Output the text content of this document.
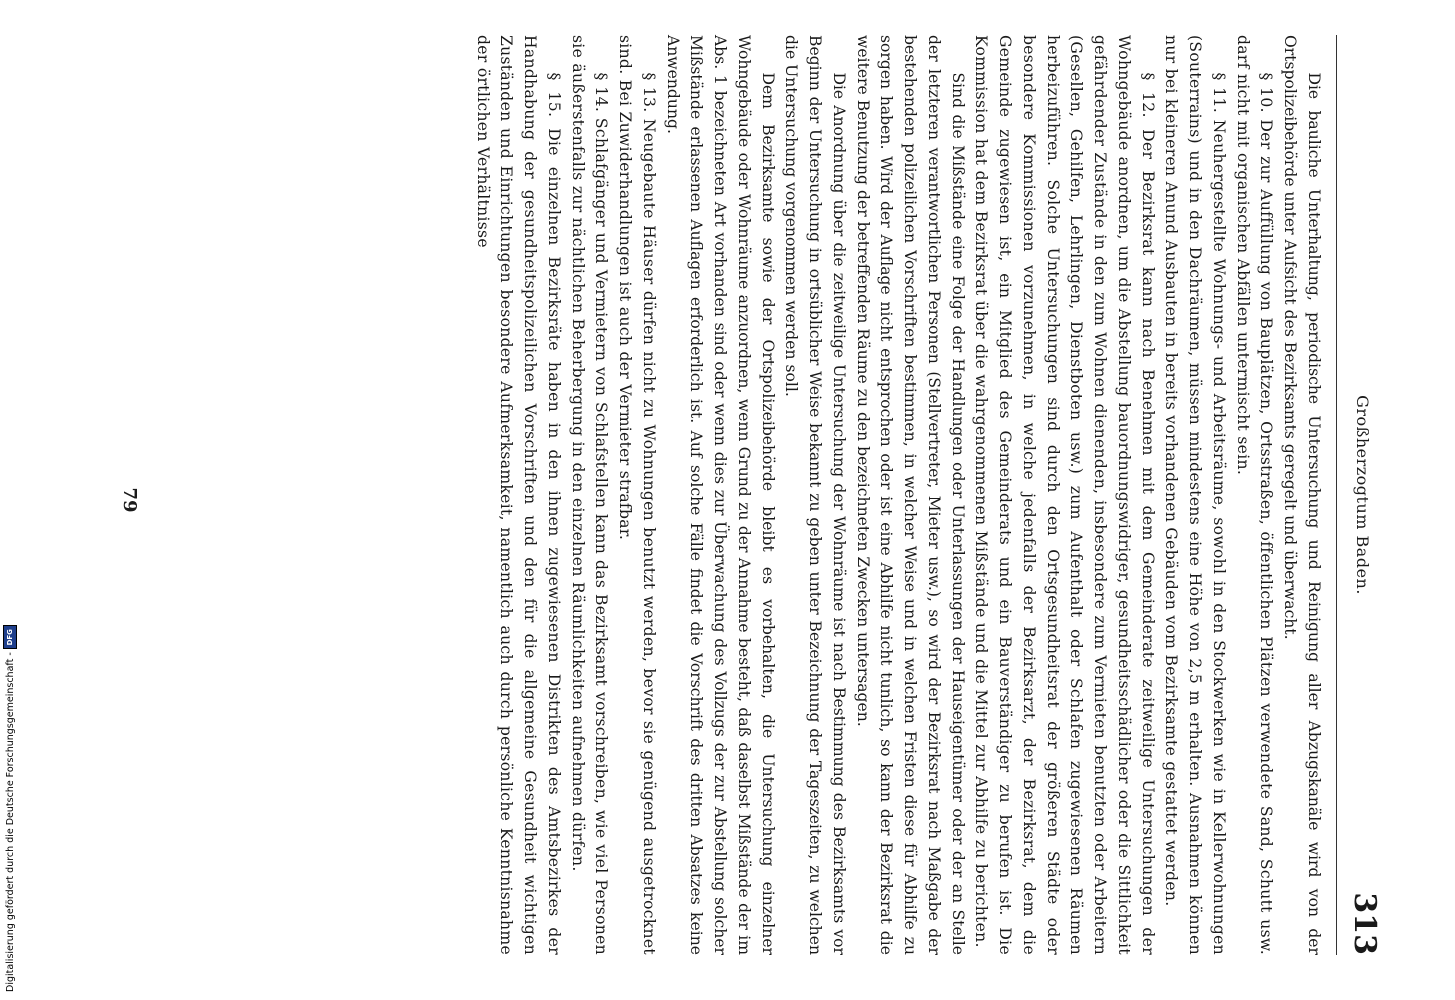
Großherzogtum Baden.
313

Die bauliche Unterhaltung, periodische Untersuchung und Reinigung aller Abzugskanäle wird von der Ortspolizeibehörde unter Aufsicht des Bezirksamts geregelt und überwacht.

§ 10. Der zur Auffüllung von Bauplätzen, Ortsstraßen, öffentlichen Plätzen verwendete Sand, Schutt usw. darf nicht mit organischen Abfällen untermischt sein.

§ 11. Neuhergestellte Wohnungs- und Arbeitsräume, sowohl in den Stockwerken wie in Kellerwohnungen (Souterrains) und in den Dachräumen, müssen mindestens eine Höhe von 2,5 m erhalten. Ausnahmen können nur bei kleineren Anund Ausbauten in bereits vorhandenen Gebäuden vom Bezirksamte gestattet werden.

§ 12. Der Bezirksrat kann nach Benehmen mit dem Gemeinderate zeitweilige Untersuchungen der Wohngebäude anordnen, um die Abstellung bauordnungswidriger, gesundheitsschädlicher oder die Sittlichkeit gefährdender Zustände in den zum Wohnen dienenden, insbesondere zum Vermieten benutzten oder Arbeitern (Gesellen, Gehilfen, Lehrlingen, Dienstboten usw.) zum Aufenthalt oder Schlafen zugewiesenen Räumen herbeizuführen. Solche Untersuchungen sind durch den Ortsgesundheitsrat der größeren Städte oder besondere Kommissionen vorzunehmen, in welche jedenfalls der Bezirksarzt, der Bezirksrat, dem die Gemeinde zugewiesen ist, ein Mitglied des Gemeinderats und ein Bauverständiger zu berufen ist. Die Kommission hat dem Bezirksrat über die wahrgenommenen Mißstände und die Mittel zur Abhilfe zu berichten.

Sind die Mißstände eine Folge der Handlungen oder Unterlassungen der Hauseigentümer oder der an Stelle der letzteren verantwortlichen Personen (Stellvertreter, Mieter usw.), so wird der Bezirksrat nach Maßgabe der bestehenden polizeilichen Vorschriften bestimmen, in welcher Weise und in welchen Fristen diese für Abhilfe zu sorgen haben. Wird der Auflage nicht entsprochen oder ist eine Abhilfe nicht tunlich, so kann der Bezirksrat die weitere Benutzung der betreffenden Räume zu den bezeichneten Zwecken untersagen.

Die Anordnung über die zeitweilige Untersuchung der Wohnräume ist nach Bestimmung des Bezirksamts vor Beginn der Untersuchung in ortsüblicher Weise bekannt zu geben unter Bezeichnung der Tageszeiten, zu welchen die Untersuchung vorgenommen werden soll.

Dem Bezirksamte sowie der Ortspolizeibehörde bleibt es vorbehalten, die Untersuchung einzelner Wohngebäude oder Wohnräume anzuordnen, wenn Grund zu der Annahme besteht, daß daselbst Mißstände der im Abs. 1 bezeichneten Art vorhanden sind oder wenn dies zur Überwachung des Vollzugs der zur Abstellung solcher Mißstände erlassenen Auflagen erforderlich ist. Auf solche Fälle findet die Vorschrift des dritten Absatzes keine Anwendung.

§ 13. Neugebaute Häuser dürfen nicht zu Wohnungen benutzt werden, bevor sie genügend ausgetrocknet sind. Bei Zuwiderhandlungen ist auch der Vermieter strafbar.

§ 14. Schlafgänger und Vermietern von Schlafstellen kann das Bezirksamt vorschreiben, wie viel Personen sie äußerstenfalls zur nächtlichen Beherbergung in den einzelnen Räumlichkeiten aufnehmen dürfen.

§ 15. Die einzelnen Bezirksräte haben in den ihnen zugewiesenen Distrikten des Amtsbezirkes der Handhabung der gesundheitspolizeilichen Vorschriften und den für die allgemeine Gesundheit wichtigen Zuständen und Einrichtungen besondere Aufmerksamkeit, namentlich auch durch persönliche Kenntnisnahme der örtlichen Verhältnisse

79
Digitalisierung gefördert durch die Deutsche Forschungsgemeinschaft -
DFG
